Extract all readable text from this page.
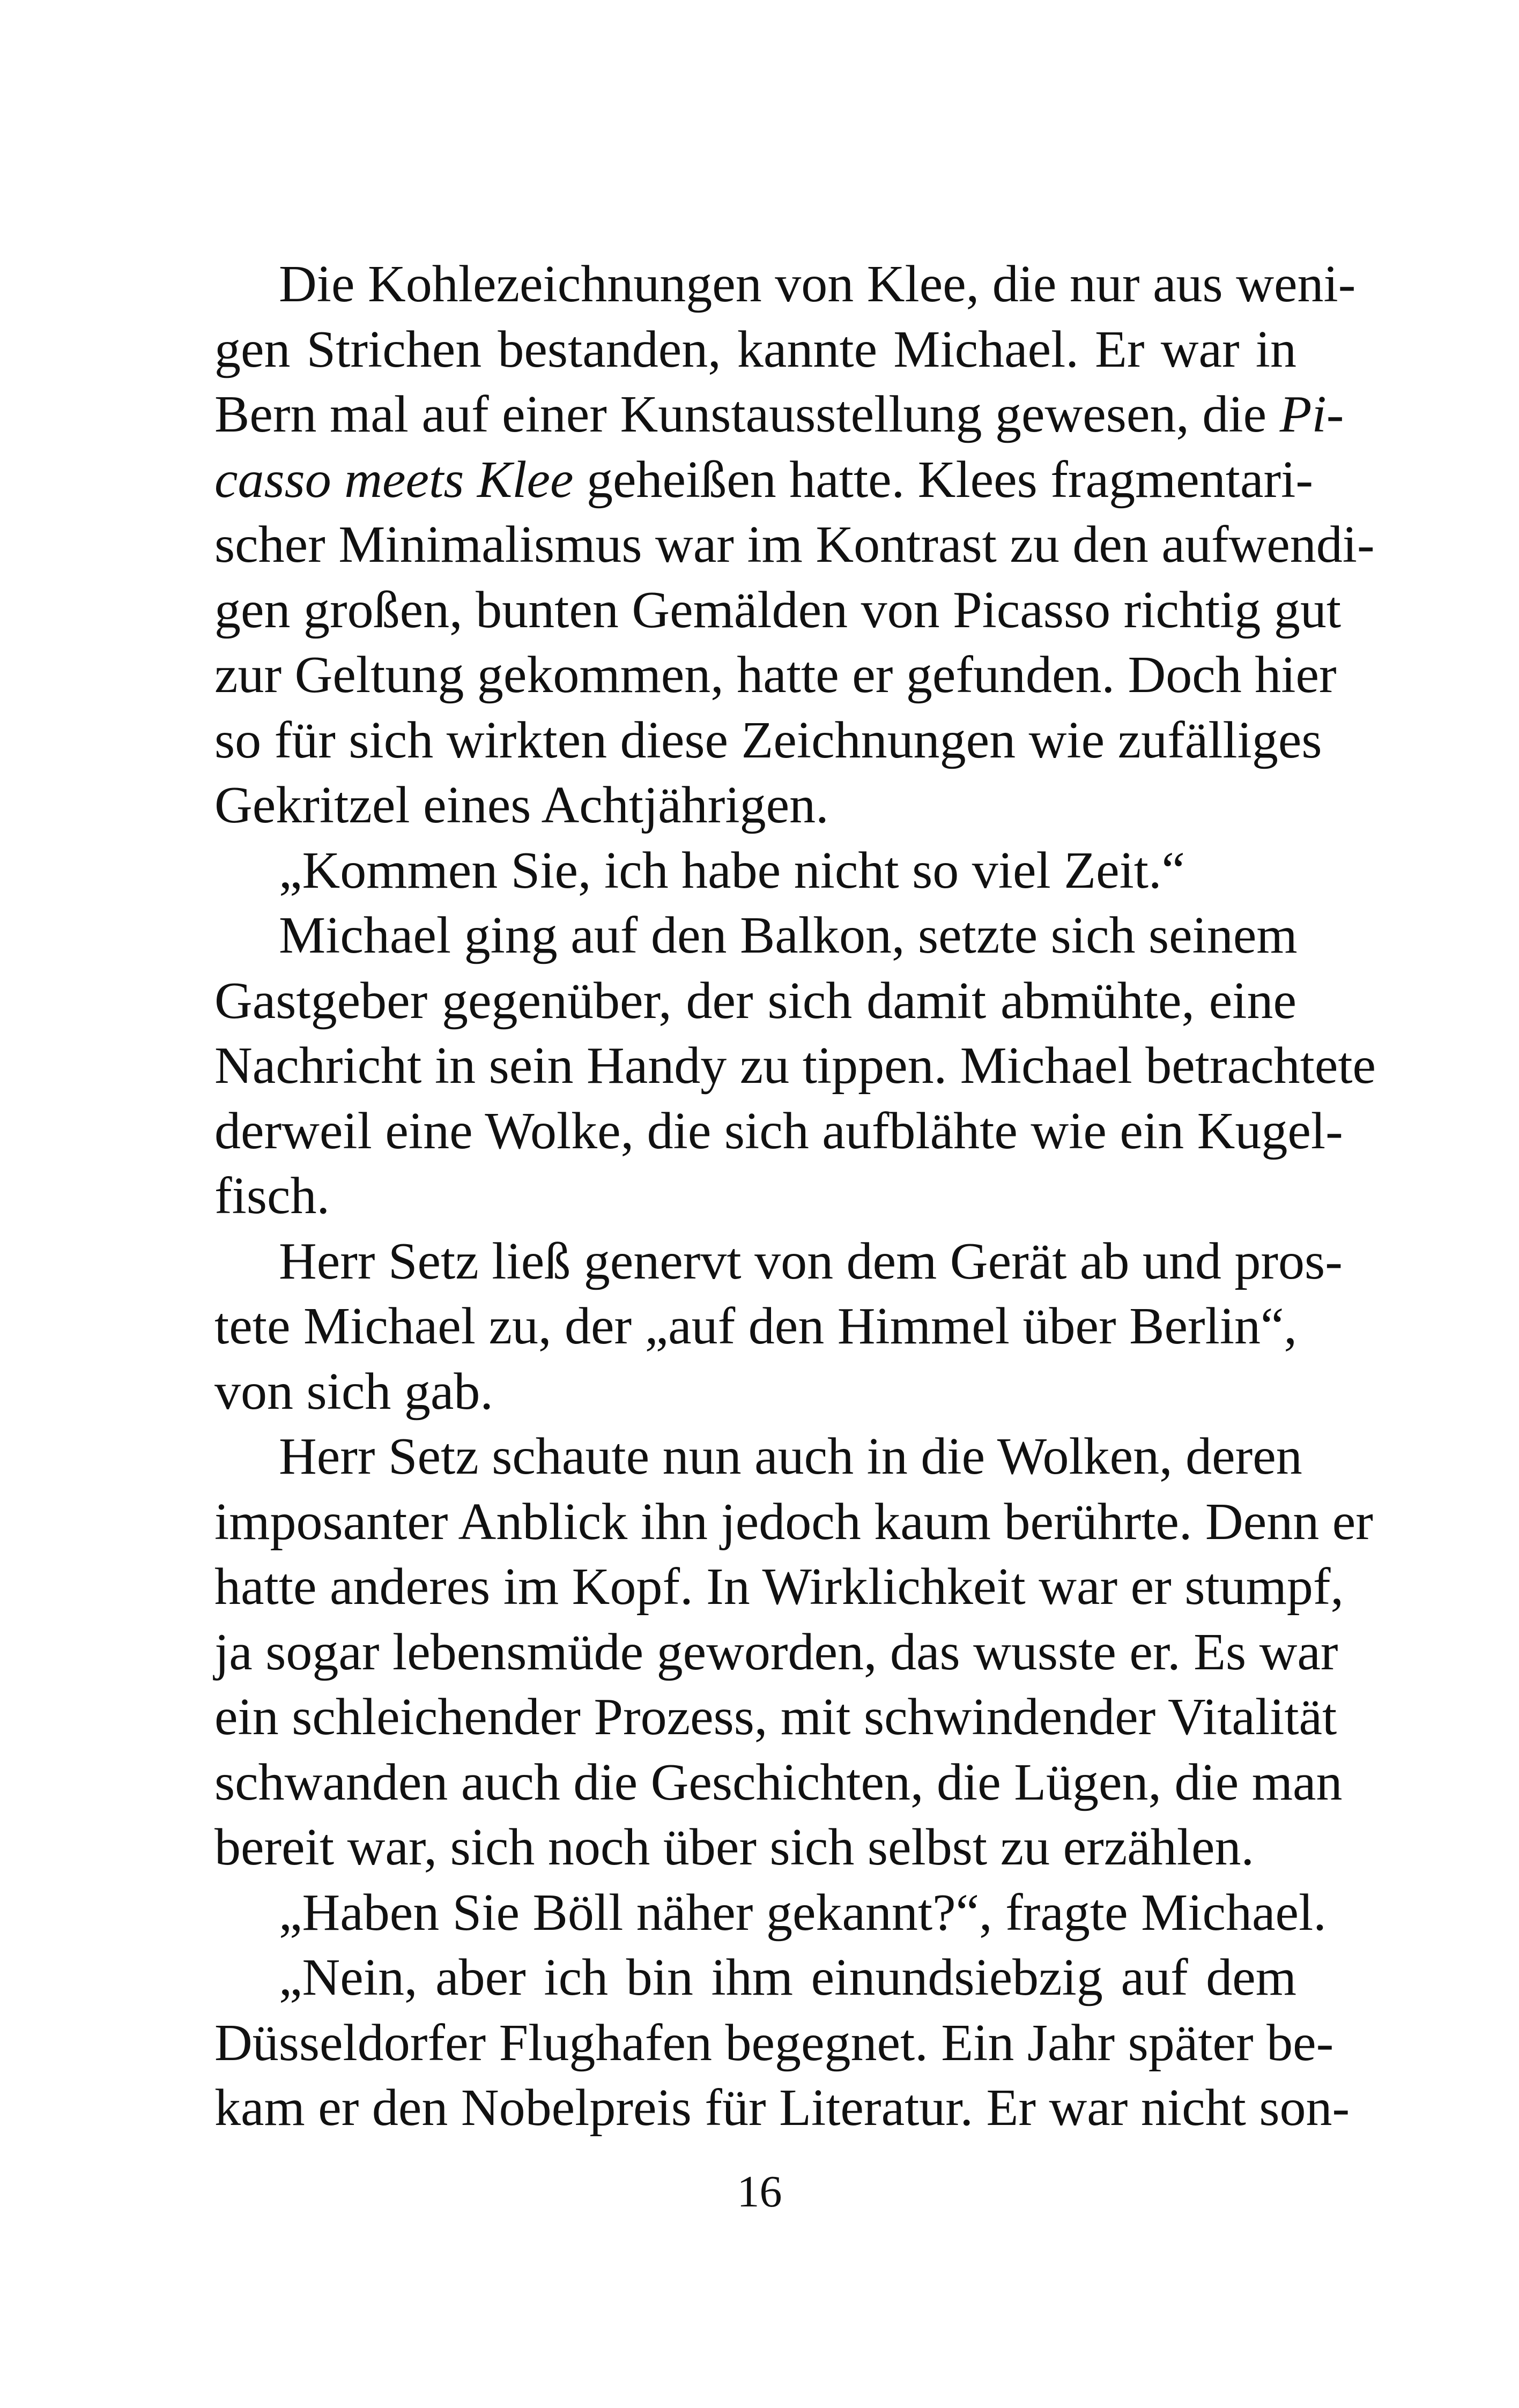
Die Kohlezeichnungen von Klee, die nur aus weni-
gen Strichen bestanden, kannte Michael. Er war in
Bern mal auf einer Kunstausstellung gewesen, die Pi-
casso meets Klee geheißen hatte. Klees fragmentari-
scher Minimalismus war im Kontrast zu den aufwendi-
gen großen, bunten Gemälden von Picasso richtig gut
zur Geltung gekommen, hatte er gefunden. Doch hier
so für sich wirkten diese Zeichnungen wie zufälliges
Gekritzel eines Achtjährigen.
„Kommen Sie, ich habe nicht so viel Zeit.“
Michael ging auf den Balkon, setzte sich seinem
Gastgeber gegenüber, der sich damit abmühte, eine
Nachricht in sein Handy zu tippen. Michael betrachtete
derweil eine Wolke, die sich aufblähte wie ein Kugel-
fisch.
Herr Setz ließ genervt von dem Gerät ab und pros-
tete Michael zu, der „auf den Himmel über Berlin“,
von sich gab.
Herr Setz schaute nun auch in die Wolken, deren
imposanter Anblick ihn jedoch kaum berührte. Denn er
hatte anderes im Kopf. In Wirklichkeit war er stumpf,
ja sogar lebensmüde geworden, das wusste er. Es war
ein schleichender Prozess, mit schwindender Vitalität
schwanden auch die Geschichten, die Lügen, die man
bereit war, sich noch über sich selbst zu erzählen.
„Haben Sie Böll näher gekannt?“, fragte Michael.
„Nein, aber ich bin ihm einundsiebzig auf dem
Düsseldorfer Flughafen begegnet. Ein Jahr später be-
kam er den Nobelpreis für Literatur. Er war nicht son-
16
